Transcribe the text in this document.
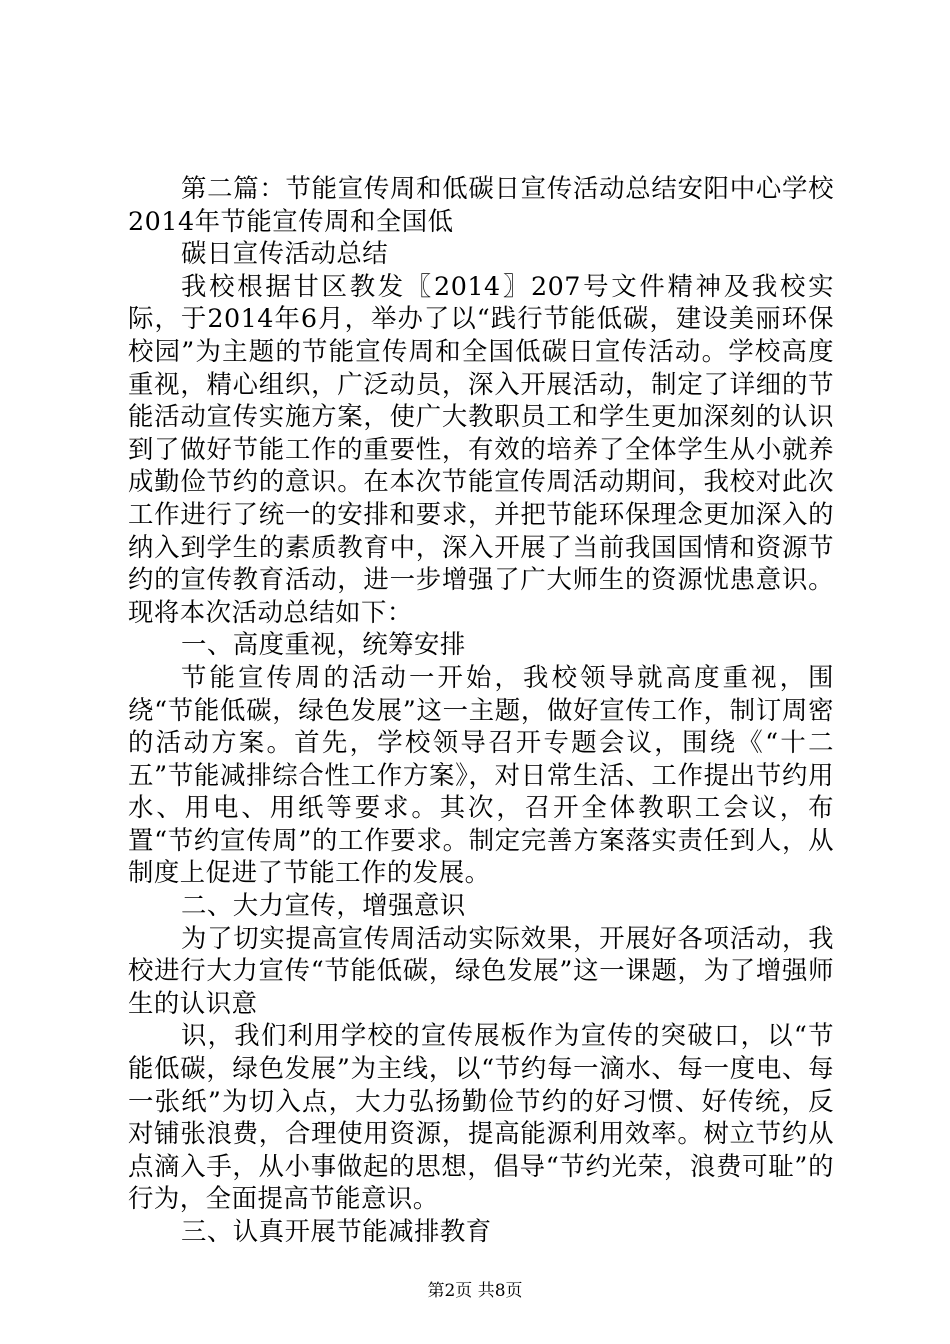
第二篇：节能宣传周和低碳日宣传活动总结安阳中心学校2014年节能宣传周和全国低

碳日宣传活动总结

我校根据甘区教发〖2014〗207号文件精神及我校实际，于2014年6月，举办了以“践行节能低碳，建设美丽环保校园”为主题的节能宣传周和全国低碳日宣传活动。学校高度重视，精心组织，广泛动员，深入开展活动，制定了详细的节能活动宣传实施方案，使广大教职员工和学生更加深刻的认识到了做好节能工作的重要性，有效的培养了全体学生从小就养成勤俭节约的意识。在本次节能宣传周活动期间，我校对此次工作进行了统一的安排和要求，并把节能环保理念更加深入的纳入到学生的素质教育中，深入开展了当前我国国情和资源节约的宣传教育活动，进一步增强了广大师生的资源忧患意识。现将本次活动总结如下：

一、高度重视，统筹安排

节能宣传周的活动一开始，我校领导就高度重视，围绕“节能低碳，绿色发展”这一主题，做好宣传工作，制订周密的活动方案。首先，学校领导召开专题会议，围绕《“十二五”节能减排综合性工作方案》，对日常生活、工作提出节约用水、用电、用纸等要求。其次，召开全体教职工会议，布置“节约宣传周”的工作要求。制定完善方案落实责任到人，从制度上促进了节能工作的发展。

二、大力宣传，增强意识

为了切实提高宣传周活动实际效果，开展好各项活动，我校进行大力宣传“节能低碳，绿色发展”这一课题，为了增强师生的认识意

识，我们利用学校的宣传展板作为宣传的突破口，以“节能低碳，绿色发展”为主线，以“节约每一滴水、每一度电、每一张纸”为切入点，大力弘扬勤俭节约的好习惯、好传统，反对铺张浪费，合理使用资源，提高能源利用效率。树立节约从点滴入手，从小事做起的思想，倡导“节约光荣，浪费可耻”的行为，全面提高节能意识。

三、认真开展节能减排教育

第2页 共8页
